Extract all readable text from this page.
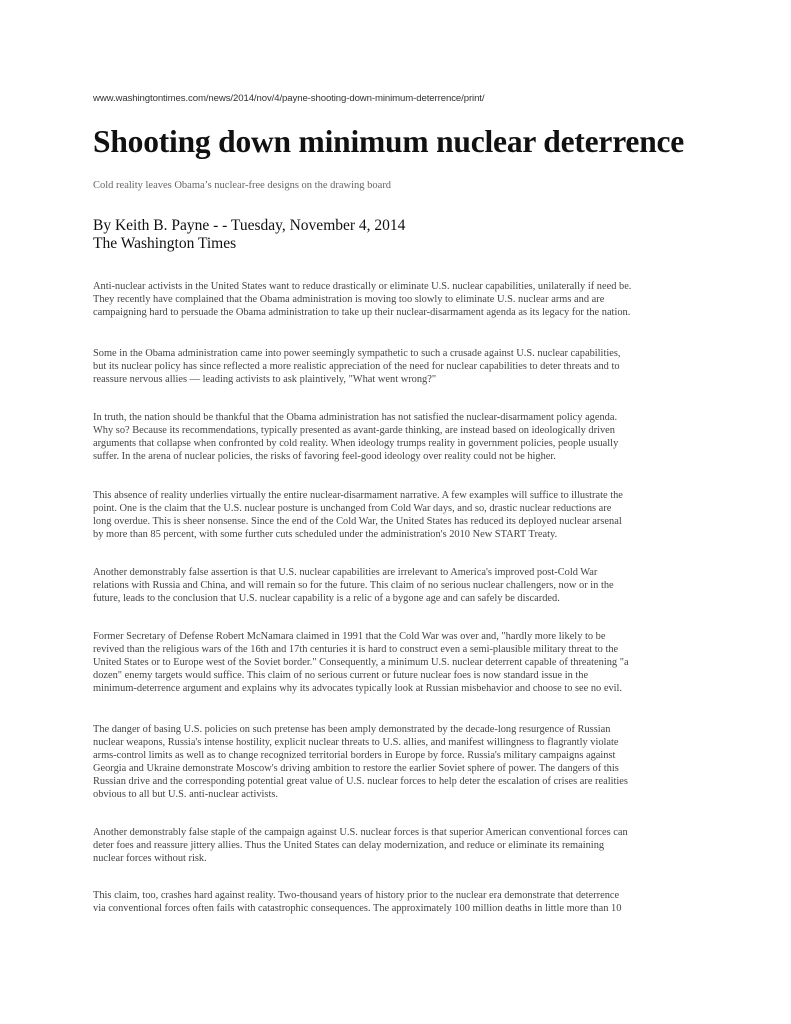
www.washingtontimes.com/news/2014/nov/4/payne-shooting-down-minimum-deterrence/print/
Shooting down minimum nuclear deterrence
Cold reality leaves Obama’s nuclear-free designs on the drawing board
By Keith B. Payne - - Tuesday, November 4, 2014
The Washington Times

Anti-nuclear activists in the United States want to reduce drastically or eliminate U.S. nuclear capabilities, unilaterally if need be.
They recently have complained that the Obama administration is moving too slowly to eliminate U.S. nuclear arms and are
campaigning hard to persuade the Obama administration to take up their nuclear-disarmament agenda as its legacy for the nation.

Some in the Obama administration came into power seemingly sympathetic to such a crusade against U.S. nuclear capabilities,
but its nuclear policy has since reflected a more realistic appreciation of the need for nuclear capabilities to deter threats and to
reassure nervous allies — leading activists to ask plaintively, "What went wrong?"

In truth, the nation should be thankful that the Obama administration has not satisfied the nuclear-disarmament policy agenda.
Why so? Because its recommendations, typically presented as avant-garde thinking, are instead based on ideologically driven
arguments that collapse when confronted by cold reality. When ideology trumps reality in government policies, people usually
suffer. In the arena of nuclear policies, the risks of favoring feel-good ideology over reality could not be higher.

This absence of reality underlies virtually the entire nuclear-disarmament narrative. A few examples will suffice to illustrate the
point. One is the claim that the U.S. nuclear posture is unchanged from Cold War days, and so, drastic nuclear reductions are
long overdue. This is sheer nonsense. Since the end of the Cold War, the United States has reduced its deployed nuclear arsenal
by more than 85 percent, with some further cuts scheduled under the administration's 2010 New START Treaty.

Another demonstrably false assertion is that U.S. nuclear capabilities are irrelevant to America's improved post-Cold War
relations with Russia and China, and will remain so for the future. This claim of no serious nuclear challengers, now or in the
future, leads to the conclusion that U.S. nuclear capability is a relic of a bygone age and can safely be discarded.

Former Secretary of Defense Robert McNamara claimed in 1991 that the Cold War was over and, "hardly more likely to be
revived than the religious wars of the 16th and 17th centuries it is hard to construct even a semi-plausible military threat to the
United States or to Europe west of the Soviet border." Consequently, a minimum U.S. nuclear deterrent capable of threatening "a
dozen" enemy targets would suffice. This claim of no serious current or future nuclear foes is now standard issue in the
minimum-deterrence argument and explains why its advocates typically look at Russian misbehavior and choose to see no evil.

The danger of basing U.S. policies on such pretense has been amply demonstrated by the decade-long resurgence of Russian
nuclear weapons, Russia's intense hostility, explicit nuclear threats to U.S. allies, and manifest willingness to flagrantly violate
arms-control limits as well as to change recognized territorial borders in Europe by force. Russia's military campaigns against
Georgia and Ukraine demonstrate Moscow's driving ambition to restore the earlier Soviet sphere of power. The dangers of this
Russian drive and the corresponding potential great value of U.S. nuclear forces to help deter the escalation of crises are realities
obvious to all but U.S. anti-nuclear activists.

Another demonstrably false staple of the campaign against U.S. nuclear forces is that superior American conventional forces can
deter foes and reassure jittery allies. Thus the United States can delay modernization, and reduce or eliminate its remaining
nuclear forces without risk.

This claim, too, crashes hard against reality. Two-thousand years of history prior to the nuclear era demonstrate that deterrence
via conventional forces often fails with catastrophic consequences. The approximately 100 million deaths in little more than 10
